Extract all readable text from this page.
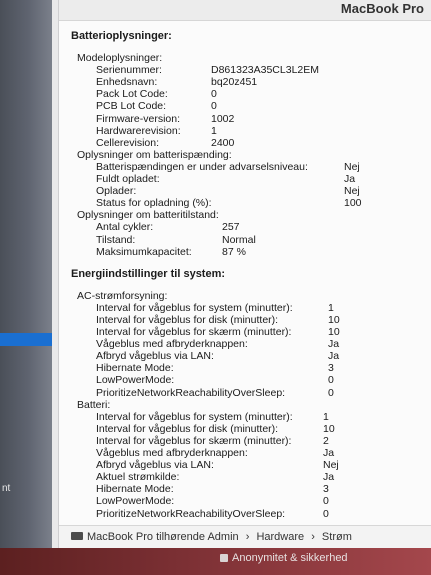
nt
MacBook Pro
Batterioplysninger:
Modeloplysninger:
Serienummer:	D861323A35CL3L2EM
Enhedsnavn:	bq20z451
Pack Lot Code:	0
PCB Lot Code:	0
Firmware-version:	1002
Hardwarerevision:	1
Cellerevision:	2400
Oplysninger om batterispænding:
Batterispændingen er under advarselsniveau:	Nej
Fuldt opladet:	Ja
Oplader:	Nej
Status for opladning (%):	100
Oplysninger om batteritilstand:
Antal cykler:	257
Tilstand:	Normal
Maksimumkapacitet:	87 %
Energiindstillinger til system:
AC-strømforsyning:
Interval for vågeblus for system (minutter):	1
Interval for vågeblus for disk (minutter):	10
Interval for vågeblus for skærm (minutter):	10
Vågeblus med afbryderknappen:	Ja
Afbryd vågeblus via LAN:	Ja
Hibernate Mode:	3
LowPowerMode:	0
PrioritizeNetworkReachabilityOverSleep:	0
Batteri:
Interval for vågeblus for system (minutter):	1
Interval for vågeblus for disk (minutter):	10
Interval for vågeblus for skærm (minutter):	2
Vågeblus med afbryderknappen:	Ja
Afbryd vågeblus via LAN:	Nej
Aktuel strømkilde:	Ja
Hibernate Mode:	3
LowPowerMode:	0
PrioritizeNetworkReachabilityOverSleep:	0
MacBook Pro tilhørende Admin › Hardware › Strøm
Anonymitet & sikkerhed
